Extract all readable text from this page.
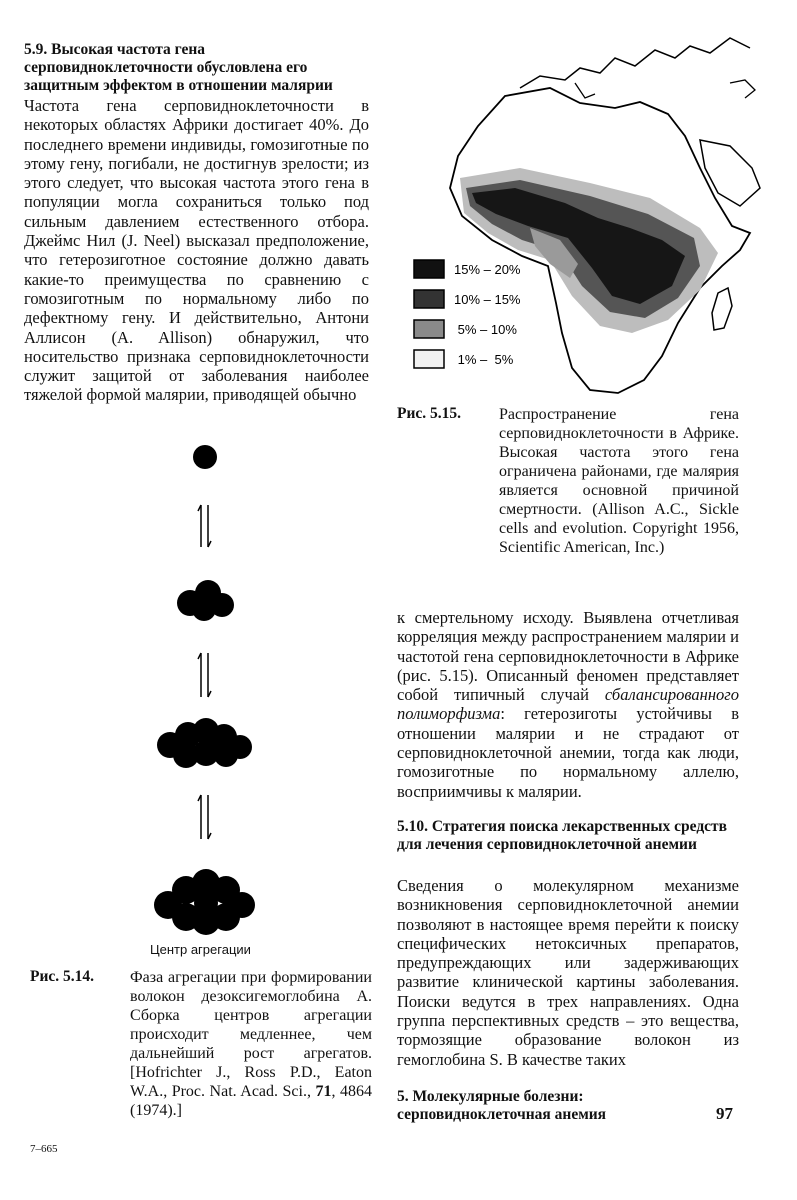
5.9. Высокая частота гена серповидноклеточности обусловлена его защитным эффектом в отношении малярии
Частота гена серповидноклеточности в некоторых областях Африки достигает 40%. До последнего времени индивиды, гомозиготные по этому гену, погибали, не достигнув зрелости; из этого следует, что высокая частота этого гена в популяции могла сохраниться только под сильным давлением естественного отбора. Джеймс Нил (J. Neel) высказал предположение, что гетерозиготное состояние должно давать какие-то преимущества по сравнению с гомозиготным по нормальному либо по дефектному гену. И действительно, Антони Аллисон (A. Allison) обнаружил, что носительство признака серповидноклеточности служит защитой от заболевания наиболее тяжелой формой малярии, приводящей обычно
15% – 20%
10% – 15%
5% – 10%
1% –  5%
Рис. 5.15. Распространение гена серповидноклеточности в Африке. Высокая частота этого гена ограничена районами, где малярия является основной причиной смертности. (Allison A.C., Sickle cells and evolution. Copyright 1956, Scientific American, Inc.)
к смертельному исходу. Выявлена отчетливая корреляция между распространением малярии и частотой гена серповидноклеточности в Африке (рис. 5.15). Описанный феномен представляет собой типичный случай сбалансированного полиморфизма: гетерозиготы устойчивы в отношении малярии и не страдают от серповидноклеточной анемии, тогда как люди, гомозиготные по нормальному аллелю, восприимчивы к малярии.
Центр агрегации
Рис. 5.14. Фаза агрегации при формировании волокон дезоксигемоглобина А. Сборка центров агрегации происходит медленнее, чем дальнейший рост агрегатов. [Hofrichter J., Ross P.D., Eaton W.A., Proc. Nat. Acad. Sci., 71, 4864 (1974).]
5.10. Стратегия поиска лекарственных средств для лечения серповидноклеточной анемии
Сведения о молекулярном механизме возникновения серповидноклеточной анемии позволяют в настоящее время перейти к поиску специфических нетоксичных препаратов, предупреждающих или задерживающих развитие клинической картины заболевания. Поиски ведутся в трех направлениях. Одна группа перспективных средств – это вещества, тормозящие образование волокон из гемоглобина S. В качестве таких
5. Молекулярные болезни:
серповидноклеточная анемия	97
7–665
